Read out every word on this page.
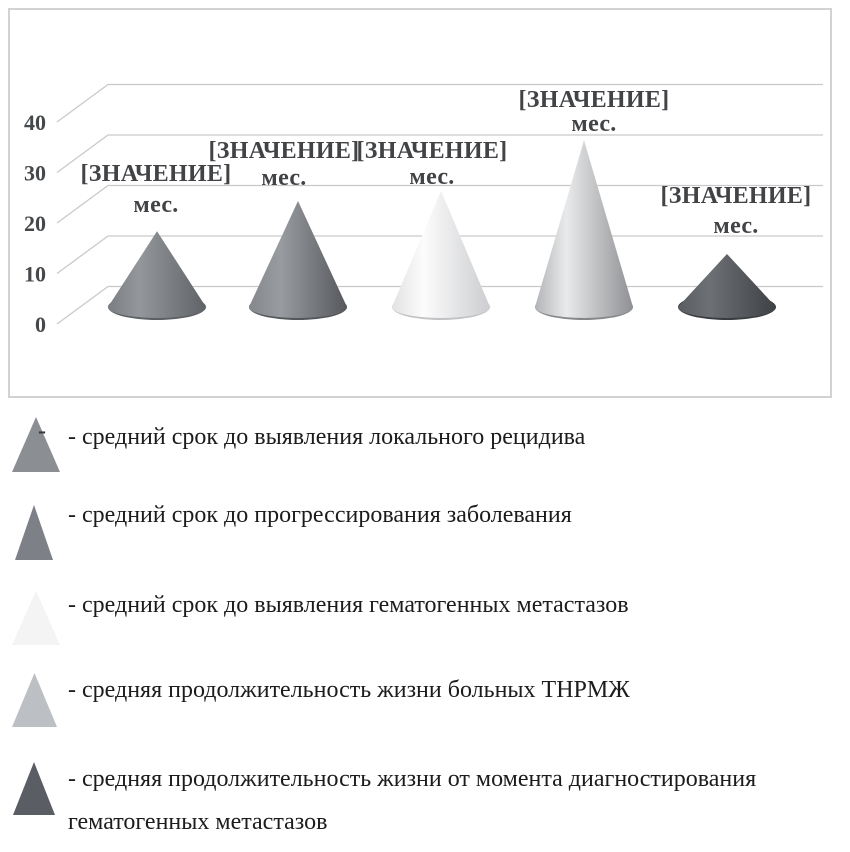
0
10
20
30
40
[ЗНАЧЕНИЕ] мес.
[ЗНАЧЕНИЕ] мес.
[ЗНАЧЕНИЕ] мес.
[ЗНАЧЕНИЕ] мес.
[ЗНАЧЕНИЕ] мес.
- - средний срок до выявления локального рецидива
- средний срок до прогрессирования заболевания
- средний срок до выявления гематогенных метастазов
- средняя продолжительность жизни больных ТНРМЖ
- средняя продолжительность жизни от момента диагностирования
гематогенных метастазов
